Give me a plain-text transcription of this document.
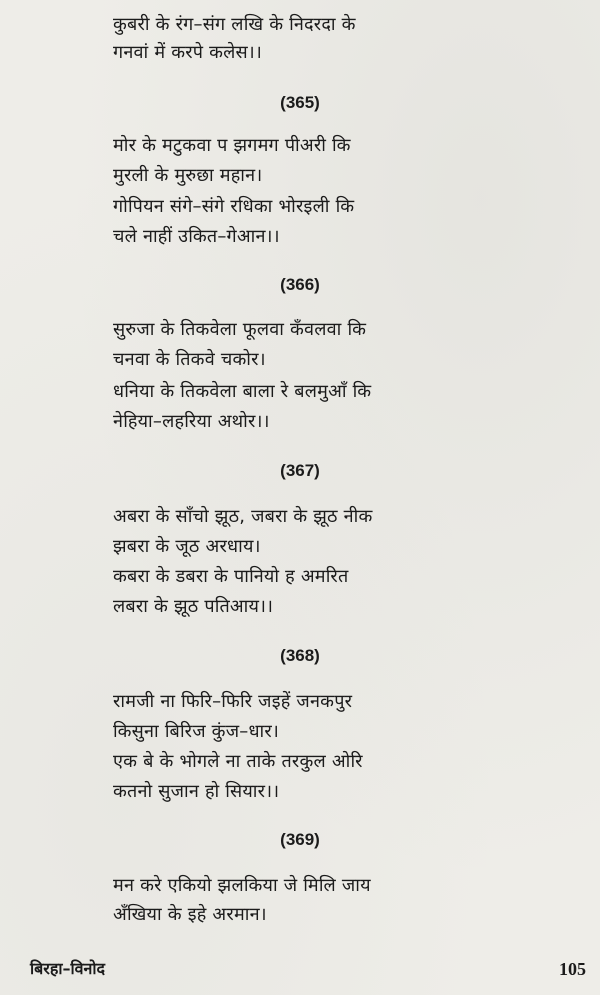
कुबरी के रंग–संग लखि के निदरदा के
गनवां में करपे कलेस।।
(365)
मोर के मटुकवा प झगमग पीअरी कि
मुरली के मुरुछा महान।
गोपियन संगे–संगे रधिका भोरइली कि
चले नाहीं उकित–गेआन।।
(366)
सुरुजा के तिकवेला फूलवा कँवलवा कि
चनवा के तिकवे चकोर।
धनिया के तिकवेला बाला रे बलमुआँ कि
नेहिया–लहरिया अथोर।।
(367)
अबरा के साँचो झूठ, जबरा के झूठ नीक
झबरा के जूठ अरधाय।
कबरा के डबरा के पानियो ह अमरित
लबरा के झूठ पतिआय।।
(368)
रामजी ना फिरि–फिरि जइहें जनकपुर
किसुना बिरिज कुंज–धार।
एक बे के भोगले ना ताके तरकुल ओरि
कतनो सुजान हो सियार।।
(369)
मन करे एकियो झलकिया जे मिलि जाय
अँखिया के इहे अरमान।
बिरहा–विनोद	105
